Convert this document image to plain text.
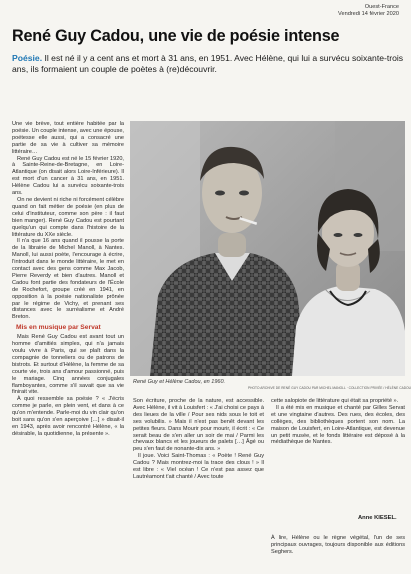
Ouest-France
Vendredi 14 février 2020
René Guy Cadou, une vie de poésie intense

Poésie. Il est né il y a cent ans et mort à 31 ans, en 1951. Avec Hélène, qui lui a survécu soixante-trois ans, ils formaient un couple de poètes à (re)découvrir.

Une vie brève, tout entière habitée par la poésie. Un couple intense, avec une épouse, poétesse elle aussi, qui a consacré une partie de sa vie à cultiver sa mémoire littéraire…

René Guy Cadou est né le 15 février 1920, à Sainte-Reine-de-Bretagne, en Loire-Atlantique (on disait alors Loire-Inférieure). Il est mort d'un cancer à 31 ans, en 1951. Hélène Cadou lui a survécu soixante-trois ans.

On ne devient ni riche ni forcément célèbre quand on fait métier de poésie (en plus de celui d'instituteur, comme son père : il faut bien manger). René Guy Cadou est pourtant quelqu'un qui compte dans l'histoire de la littérature du XXe siècle.

Il n'a que 16 ans quand il pousse la porte de la librairie de Michel Manoll, à Nantes. Manoll, lui aussi poète, l'encourage à écrire, l'introduit dans le monde littéraire, le met en contact avec des gens comme Max Jacob, Pierre Reverdy et bien d'autres. Manoll et Cadou font partie des fondateurs de l'École de Rochefort, groupe créé en 1941, en opposition à la poésie nationaliste prônée par le régime de Vichy, et prenant ses distances avec le surréalisme et André Breton.

Mis en musique par Servat

Mais René Guy Cadou est avant tout un homme d'amitiés simples, qui n'a jamais voulu vivre à Paris, qui se plaît dans la compagnie de tonneliers ou de patrons de bistrots. Et surtout d'Hélène, la femme de sa courte vie, trois ans d'amour passionné, puis le mariage. Cinq années conjugales flamboyantes, comme s'il savait que sa vie finirait vite.

À quoi ressemble sa poésie ? « J'écris comme je parle, en plein vent, et dans à ce qu'on m'entende. Parle-moi du vin clair qu'on boit sans qu'on s'en aperçoive […] » disait-il en 1943, après avoir rencontré Hélène, « la désirable, la quotidienne, la présente ».

René Guy et Hélène Cadou, en 1960.
PHOTO ARCHIVE DE RENÉ GUY CADOU PAR MICHEL MANOLL · COLLECTION PRIVÉE / HÉLÈNE CADOU

Son écriture, proche de la nature, est accessible. Avec Hélène, il vit à Louisfert : « J'ai choisi ce pays à des lieues de la ville / Pour ses nids sous le toit et ses volubilis. » Mais il n'est pas benêt devant les petites fleurs. Dans Mourir pour mourir, il écrit : « Ce serait beau de s'en aller un soir de mai / Parmi les chevaux blancs et les joueurs de palets […] Âgé ou peu s'en faut de nonante-dix ans. »

Il joue. Voici Saint-Thomas : « Poète ! René Guy Cadou ? Mais montrez-moi la trace des clous ! » Il est libre : « Viel océan ! Ce n'est pas assez que Lautréamont t'ait chanté / Avec toute

cette salopiote de littérature qui était sa propriété ».

Il a été mis en musique et chanté par Gilles Servat et une vingtaine d'autres. Des rues, des écoles, des collèges, des bibliothèques portent son nom. La maison de Louisfert, en Loire-Atlantique, est devenue un petit musée, et le fonds littéraire est déposé à la médiathèque de Nantes.

Anne KIESEL.

À lire, Hélène ou le règne végétal, l'un de ses principaux ouvrages, toujours disponible aux éditions Seghers.
